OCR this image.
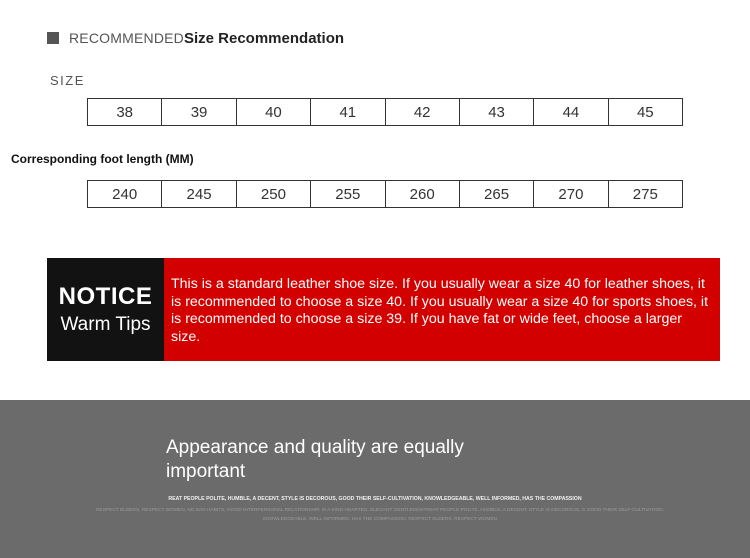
RECOMMENDED Size Recommendation
SIZE
38	39	40	41	42	43	44	45
Corresponding foot length (MM)
240	245	250	255	260	265	270	275
NOTICE
Warm Tips

This is a standard leather shoe size. If you usually wear a size 40 for leather shoes, it is recommended to choose a size 40. If you usually wear a size 40 for sports shoes, it is recommended to choose a size 39. If you have fat or wide feet, choose a larger size.

Appearance and quality are equally important
REAT PEOPLE POLITE, HUMBLE, A DECENT, STYLE IS DECOROUS, GOOD THEIR SELF-CULTIVATION, KNOWLEDGEABLE, WELL INFORMED, HAS THE COMPASSION
RESPECT ELDERS, RESPECT WOMEN, NO BAD HABITS, GOOD INTERPERSONAL RELATIONSHIP, IS A KIND-HEARTED, ELEGANT GENTLEMANTREAT PEOPLE POLITE, HUMBLE, A DECENT, STYLE IS DECOROUS, G GOOD THEIR SELF-CULTIVATION, KNOWLEDGEABLE, WELL INFORMED, HAS THE COMPASSION, RESPECT ELDERS, RESPECT WOMEN
